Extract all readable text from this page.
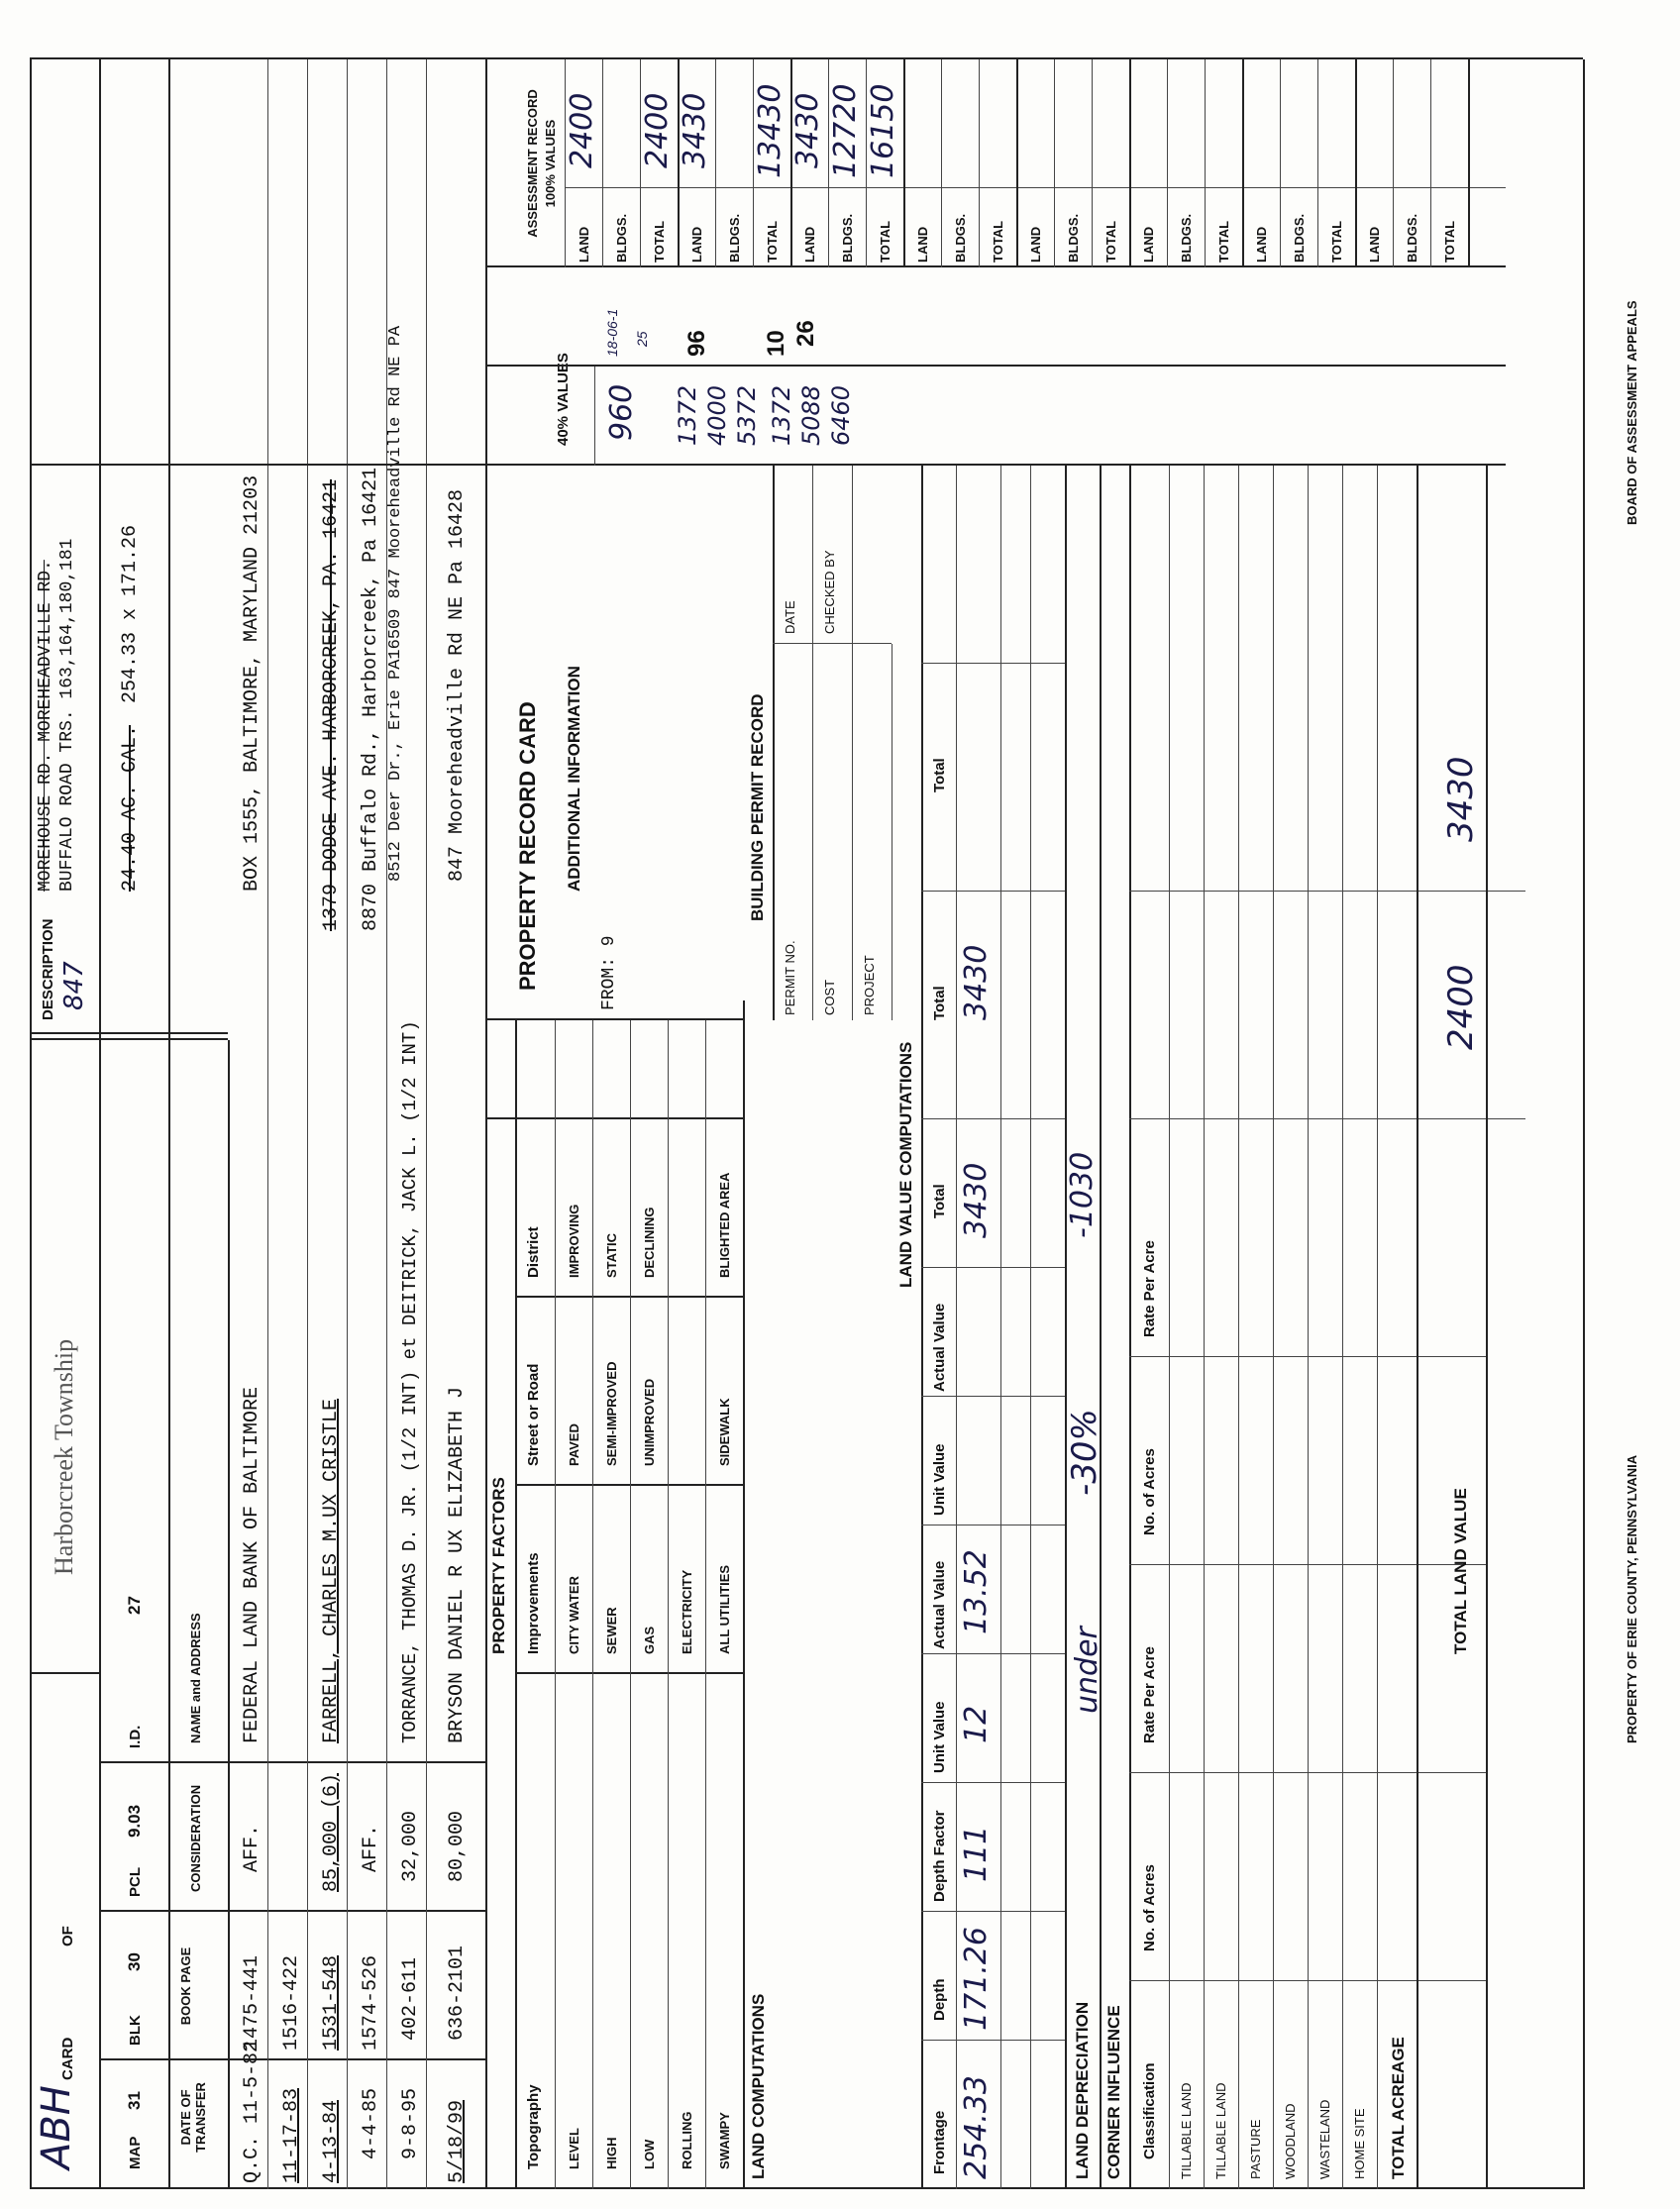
ABH
CARD
OF
Harborcreek Township
DESCRIPTION 847
MOREHOUSE RD. MOREHEADVILLE RD. BUFFALO ROAD TRS. 163,164,180,181 24.40 AC. CAL.
254.33 x 171.26
MAP
31
BLK
30
PCL
9.03
I.D.
27
DATE OF TRANSFER
BOOK PAGE
CONSIDERATION
NAME and ADDRESS
Q.C. 11-5-82
1475-441
AFF.
FEDERAL LAND BANK OF BALTIMORE
BOX 1555, BALTIMORE, MARYLAND 21203
11-17-83
1516-422
4-13-84
1531-548
85,000 (6)
FARRELL, CHARLES M.UX CRISTLE
1379 DODGE AVE. HARBORCREEK, PA. 16421
4-4-85
1574-526
AFF.
8870 Buffalo Rd., Harborcreek, Pa 16421
9-8-95
402-611
32,000
TORRANCE, THOMAS D. JR. (1/2 INT) et DEITRICK, JACK L. (1/2 INT)
8512 Deer Dr., Erie PA16509 847 Mooreheadville Rd NE PA
5/18/99
636-2101
80,000
BRYSON DANIEL R UX ELIZABETH J
847 Mooreheadville Rd NE Pa 16428
PROPERTY FACTORS
Topography
Improvements
Street or Road
District
LEVEL HIGH LOW ROLLING SWAMPY
CITY WATER SEWER GAS ELECTRICITY ALL UTILITIES
PAVED SEMI-IMPROVED UNIMPROVED	SIDEWALK
IMPROVING STATIC DECLINING	BLIGHTED AREA
PROPERTY RECORD CARD ADDITIONAL INFORMATION
FROM: 9
BUILDING PERMIT RECORD
PERMIT NO.
DATE
COST
CHECKED BY
PROJECT
LAND COMPUTATIONS
LAND VALUE COMPUTATIONS
Frontage
Depth
Depth Factor
Unit Value
Actual Value
Unit Value
Actual Value
Total
Total
Total
254.33
171.26
111
12
13.52
3430
3430
LAND DEPRECIATION CORNER INFLUENCE
under
-30%
-1030
Classification
No. of Acres
Rate Per Acre
No. of Acres
Rate Per Acre
TILLABLE LAND TILLABLE LAND PASTURE WOODLAND WASTELAND HOME SITE TOTAL ACREAGE
TOTAL LAND VALUE
2400
3430
40% VALUES 960 1372 4000 5372 1372 5088 6460
18-06-1 25 96 10 26
ASSESSMENT RECORD 100% VALUES
LAND BLDGS. TOTAL LAND BLDGS. TOTAL LAND BLDGS. TOTAL LAND BLDGS. TOTAL LAND BLDGS. TOTAL LAND BLDGS. TOTAL LAND BLDGS. TOTAL LAND BLDGS. TOTAL
2400 2400 3430 13430 3430 12720 16150
PROPERTY OF ERIE COUNTY, PENNSYLVANIA
BOARD OF ASSESSMENT APPEALS
